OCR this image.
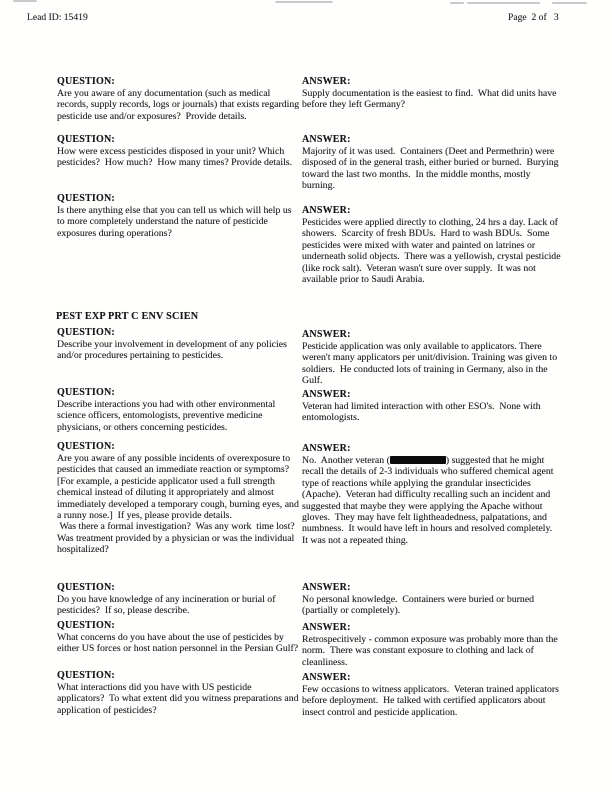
Lead ID: 15419	Page  2 of   3
QUESTION:
Are you aware of any documentation (such as medical records, supply records, logs or journals) that exists regarding pesticide use and/or exposures?  Provide details.
ANSWER:
Supply documentation is the easiest to find.  What did units have before they left Germany?
QUESTION:
How were excess pesticides disposed in your unit? Which pesticides?  How much?  How many times? Provide details.
ANSWER:
Majority of it was used.  Containers (Deet and Permethrin) were disposed of in the general trash, either buried or burned.  Burying toward the last two months.  In the middle months, mostly burning.
QUESTION:
Is there anything else that you can tell us which will help us to more completely understand the nature of pesticide exposures during operations?
ANSWER:
Pesticides were applied directly to clothing, 24 hrs a day. Lack of showers.  Scarcity of fresh BDUs.  Hard to wash BDUs.  Some pesticides were mixed with water and painted on latrines or underneath solid objects.  There was a yellowish, crystal pesticide (like rock salt).  Veteran wasn't sure over supply.  It was not available prior to Saudi Arabia.
PEST EXP PRT C ENV SCIEN
QUESTION:
Describe your involvement in development of any policies and/or procedures pertaining to pesticides.
ANSWER:
Pesticide application was only available to applicators. There weren't many applicators per unit/division. Training was given to soldiers.  He conducted lots of training in Germany, also in the Gulf.
QUESTION:
Describe interactions you had with other environmental science officers, entomologists, preventive medicine physicians, or others concerning pesticides.
ANSWER:
Veteran had limited interaction with other ESO's.  None with entomologists.
QUESTION:
Are you aware of any possible incidents of overexposure to pesticides that caused an immediate reaction or symptoms?  [For example, a pesticide applicator used a full strength chemical instead of diluting it appropriately and almost immediately developed a temporary cough, burning eyes, and a runny nose.]  If yes, please provide details.
Was there a formal investigation?  Was any work  time lost?  Was treatment provided by a physician or was the individual hospitalized?
ANSWER:
No.  Another veteran (	) suggested that he might recall the details of 2-3 individuals who suffered chemical agent type of reactions while applying the grandular insecticides (Apache).  Veteran had difficulty recalling such an incident and suggested that maybe they were applying the Apache without gloves.  They may have felt lightheadedness, palpatations, and numbness.  It would have left in hours and resolved completely.  It was not a repeated thing.
QUESTION:
Do you have knowledge of any incineration or burial of pesticides?  If so, please describe.
ANSWER:
No personal knowledge.  Containers were buried or burned (partially or completely).
QUESTION:
What concerns do you have about the use of pesticides by either US forces or host nation personnel in the Persian Gulf?
ANSWER:
Retrospecitively - common exposure was probably more than the norm.  There was constant exposure to clothing and lack of cleanliness.
QUESTION:
What interactions did you have with US pesticide applicators?  To what extent did you witness preparations and application of pesticides?
ANSWER:
Few occasions to witness applicators.  Veteran trained applicators before deployment.  He talked with certified applicators about insect control and pesticide application.
